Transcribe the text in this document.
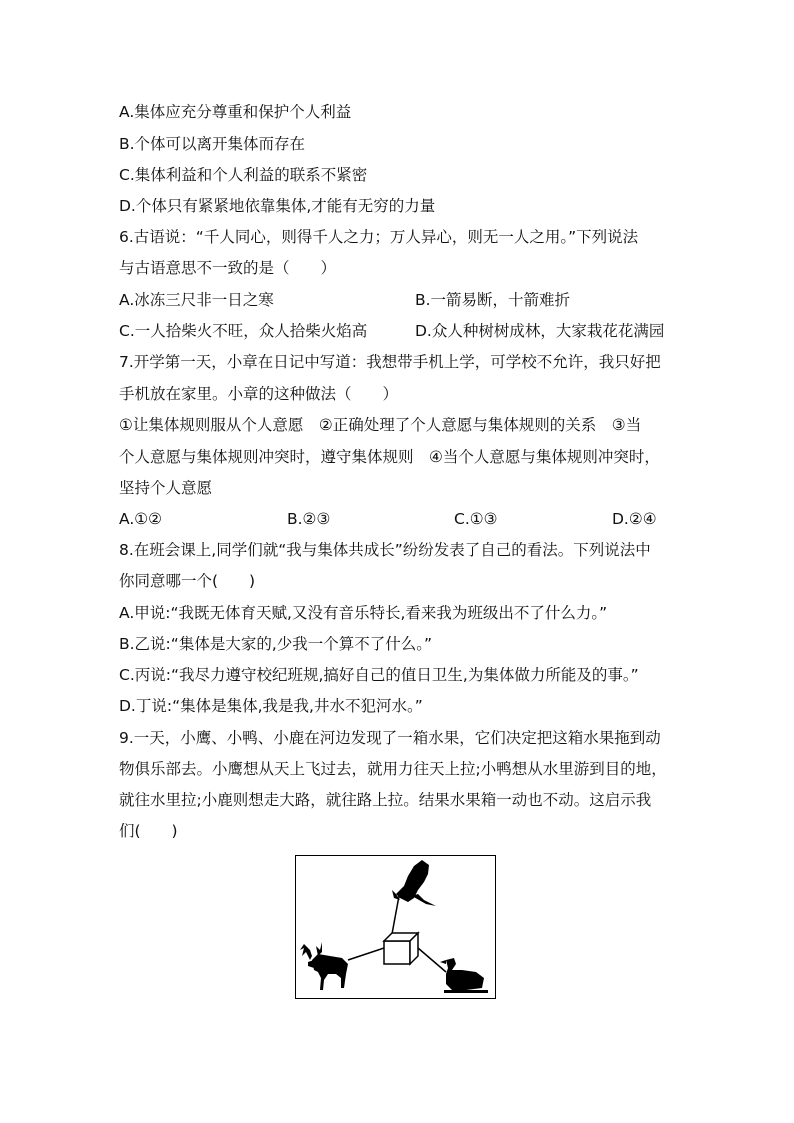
A.集体应充分尊重和保护个人利益
B.个体可以离开集体而存在
C.集体利益和个人利益的联系不紧密
D.个体只有紧紧地依靠集体,才能有无穷的力量
6.古语说：“千人同心，则得千人之力；万人异心，则无一人之用。”下列说法
与古语意思不一致的是（　　）
A.冰冻三尺非一日之寒	B.一箭易断，十箭难折
C.一人拾柴火不旺，众人拾柴火焰高	D.众人种树树成林，大家栽花花满园
7.开学第一天，小章在日记中写道：我想带手机上学，可学校不允许，我只好把
手机放在家里。小章的这种做法（　　）
①让集体规则服从个人意愿　②正确处理了个人意愿与集体规则的关系　③当
个人意愿与集体规则冲突时，遵守集体规则　④当个人意愿与集体规则冲突时，
坚持个人意愿
A.①②	B.②③	C.①③	D.②④
8.在班会课上,同学们就“我与集体共成长”纷纷发表了自己的看法。下列说法中
你同意哪一个(　　)
A.甲说:“我既无体育天赋,又没有音乐特长,看来我为班级出不了什么力。”
B.乙说:“集体是大家的,少我一个算不了什么。”
C.丙说:“我尽力遵守校纪班规,搞好自己的值日卫生,为集体做力所能及的事。”
D.丁说:“集体是集体,我是我,井水不犯河水。”
9.一天，小鹰、小鸭、小鹿在河边发现了一箱水果，它们决定把这箱水果拖到动
物俱乐部去。小鹰想从天上飞过去，就用力往天上拉;小鸭想从水里游到目的地，
就往水里拉;小鹿则想走大路，就往路上拉。结果水果箱一动也不动。这启示我
们(　　)
